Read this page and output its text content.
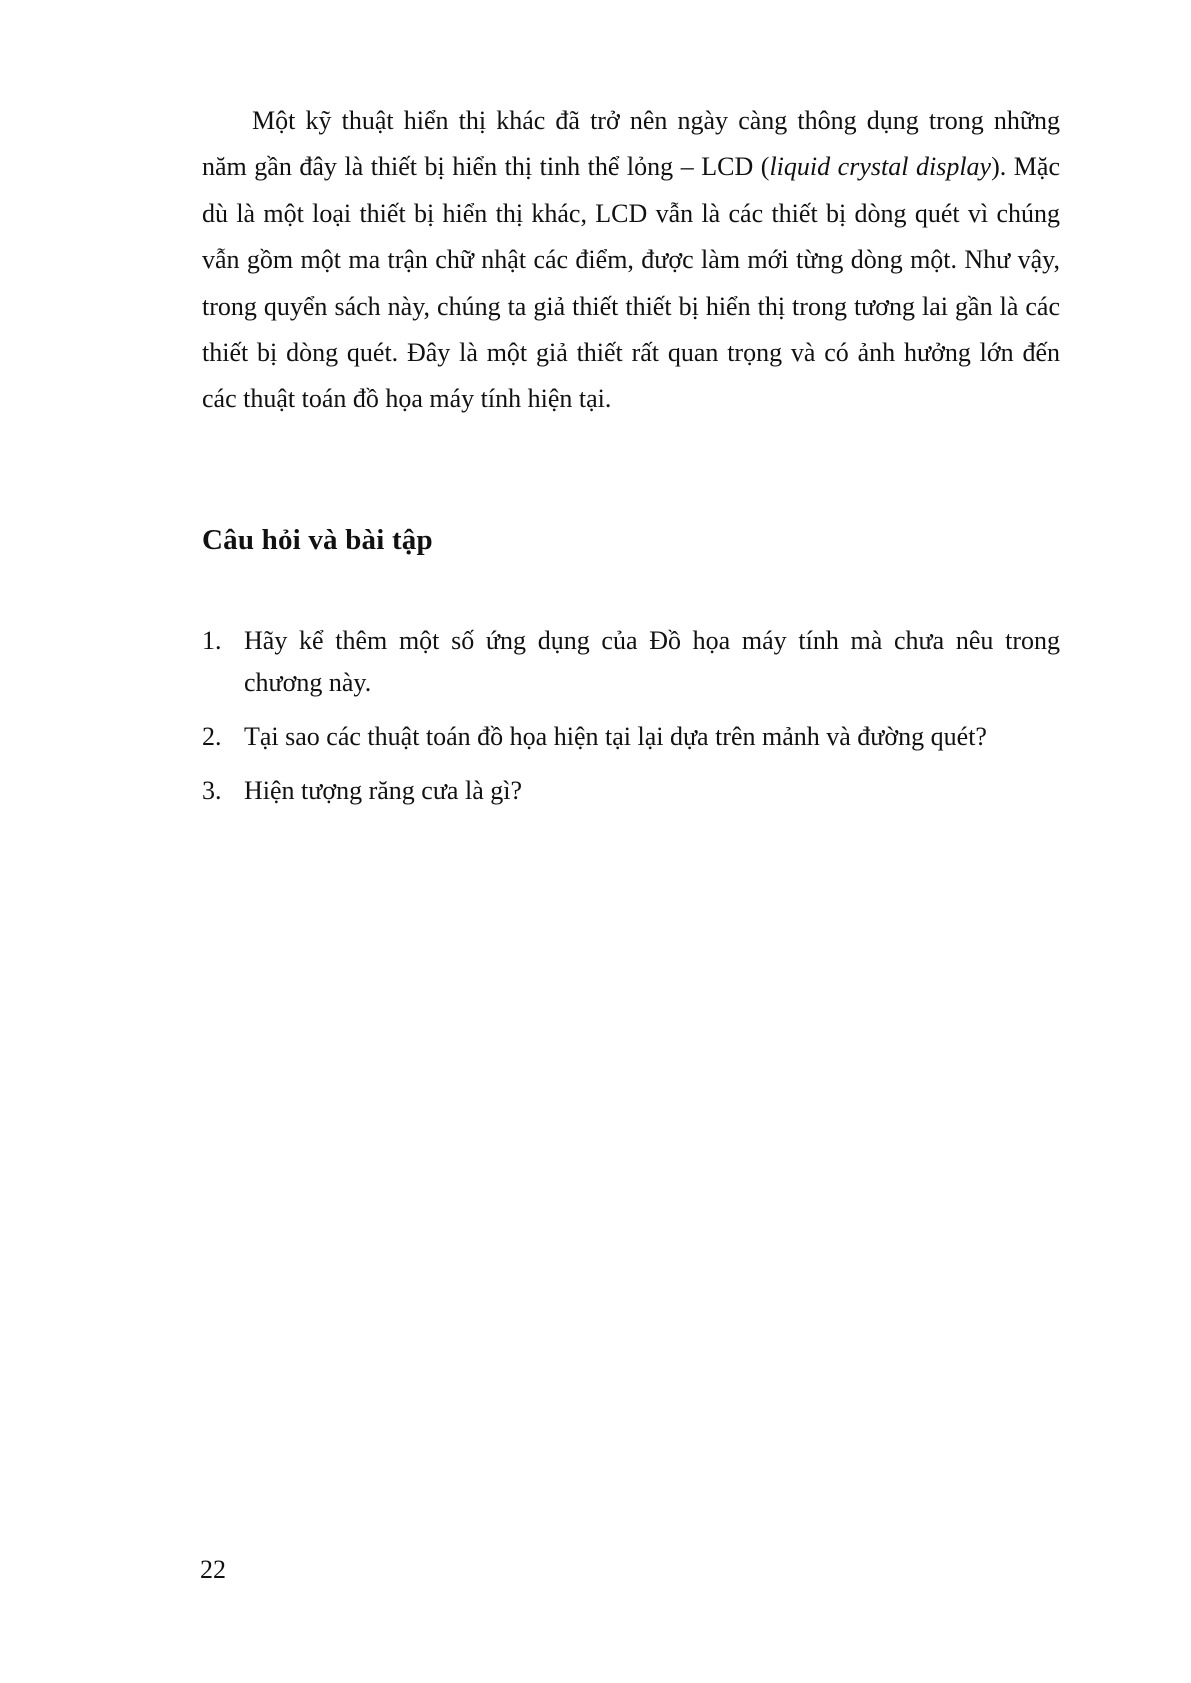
Một kỹ thuật hiển thị khác đã trở nên ngày càng thông dụng trong những năm gần đây là thiết bị hiển thị tinh thể lỏng – LCD (liquid crystal display). Mặc dù là một loại thiết bị hiển thị khác, LCD vẫn là các thiết bị dòng quét vì chúng vẫn gồm một ma trận chữ nhật các điểm, được làm mới từng dòng một. Như vậy, trong quyển sách này, chúng ta giả thiết thiết bị hiển thị trong tương lai gần là các thiết bị dòng quét. Đây là một giả thiết rất quan trọng và có ảnh hưởng lớn đến các thuật toán đồ họa máy tính hiện tại.

Câu hỏi và bài tập
1. Hãy kể thêm một số ứng dụng của Đồ họa máy tính mà chưa nêu trong chương này.
2. Tại sao các thuật toán đồ họa hiện tại lại dựa trên mảnh và đường quét?
3. Hiện tượng răng cưa là gì?

22
